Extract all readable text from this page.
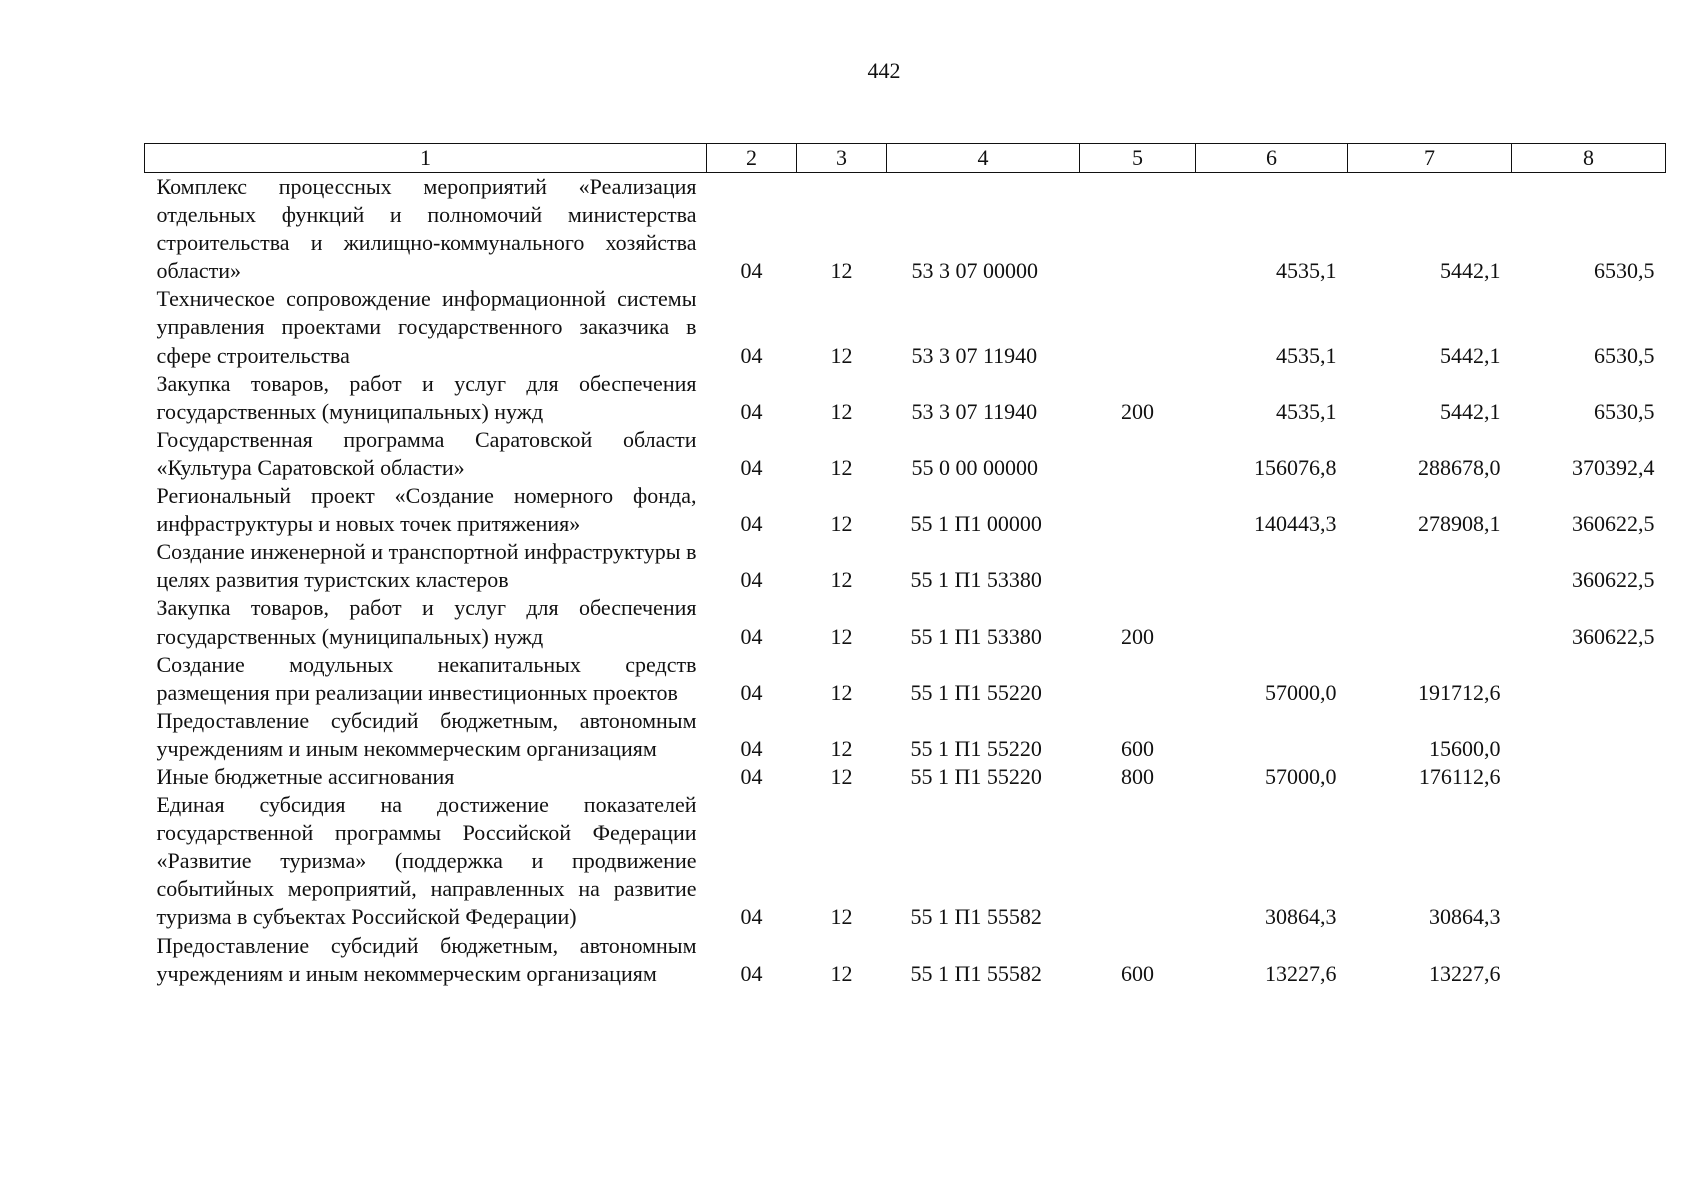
442
1	2	3	4	5	6	7	8
Комплекс процессных мероприятий «Реализация отдельных функций и полномочий министерства строительства и жилищно-коммунального хозяйства области»	04	12	53 3 07 00000		4535,1	5442,1	6530,5
Техническое сопровождение информационной системы управления проектами государственного заказчика в сфере строительства	04	12	53 3 07 11940		4535,1	5442,1	6530,5
Закупка товаров, работ и услуг для обеспечения государственных (муниципальных) нужд	04	12	53 3 07 11940	200	4535,1	5442,1	6530,5
Государственная программа Саратовской области «Культура Саратовской области»	04	12	55 0 00 00000		156076,8	288678,0	370392,4
Региональный проект «Создание номерного фонда, инфраструктуры и новых точек притяжения»	04	12	55 1 П1 00000		140443,3	278908,1	360622,5
Создание инженерной и транспортной инфраструктуры в целях развития туристских кластеров	04	12	55 1 П1 53380				360622,5
Закупка товаров, работ и услуг для обеспечения государственных (муниципальных) нужд	04	12	55 1 П1 53380	200			360622,5
Создание модульных некапитальных средств размещения при реализации инвестиционных проектов	04	12	55 1 П1 55220		57000,0	191712,6	
Предоставление субсидий бюджетным, автономным учреждениям и иным некоммерческим организациям	04	12	55 1 П1 55220	600		15600,0	
Иные бюджетные ассигнования	04	12	55 1 П1 55220	800	57000,0	176112,6	
Единая субсидия на достижение показателей государственной программы Российской Федерации «Развитие туризма» (поддержка и продвижение событийных мероприятий, направленных на развитие туризма в субъектах Российской Федерации)	04	12	55 1 П1 55582		30864,3	30864,3	
Предоставление субсидий бюджетным, автономным учреждениям и иным некоммерческим организациям	04	12	55 1 П1 55582	600	13227,6	13227,6	
